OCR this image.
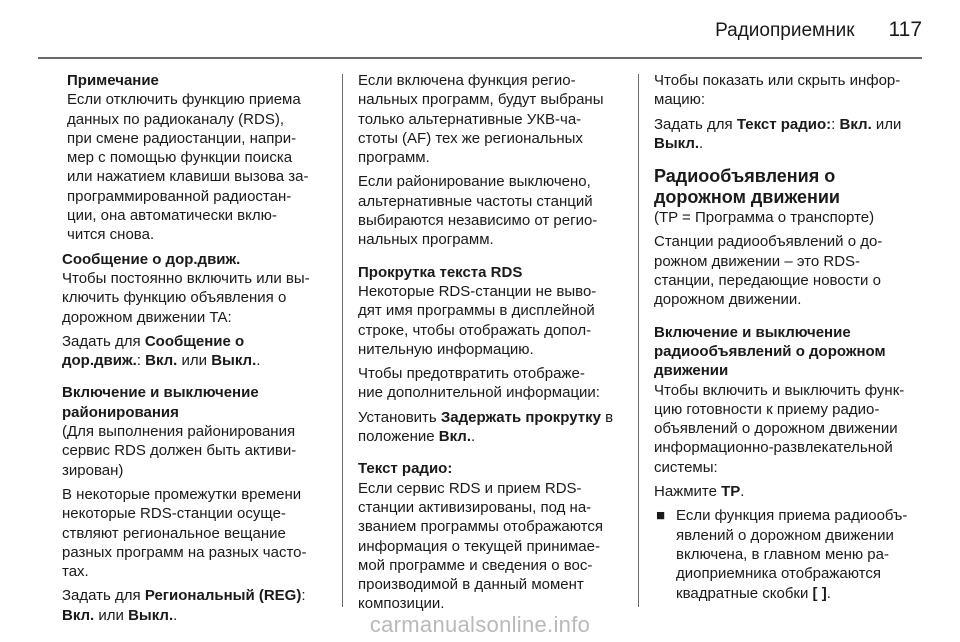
Радиоприемник 117

Примечание

Если отключить функцию приема
данных по радиоканалу (RDS),
при смене радиостанции, напри-
мер с помощью функции поиска
или нажатием клавиши вызова за-
программированной радиостан-
ции, она автоматически вклю-
чится снова.

Сообщение о дор.движ.

Чтобы постоянно включить или вы-
ключить функцию объявления о
дорожном движении TA:

Задать для Сообщение о
дор.движ.: Вкл. или Выкл..

Включение и выключение
районирования

(Для выполнения районирования
сервис RDS должен быть активи-
зирован)

В некоторые промежутки времени
некоторые RDS-станции осуще-
ствляют региональное вещание
разных программ на разных часто-
тах.

Задать для Региональный (REG):
Вкл. или Выкл..

Если включена функция регио-
нальных программ, будут выбраны
только альтернативные УКВ-ча-
стоты (AF) тех же региональных
программ.

Если районирование выключено,
альтернативные частоты станций
выбираются независимо от регио-
нальных программ.

Прокрутка текста RDS

Некоторые RDS-станции не выво-
дят имя программы в дисплейной
строке, чтобы отображать допол-
нительную информацию.

Чтобы предотвратить отображе-
ние дополнительной информации:

Установить Задержать прокрутку в
положение Вкл..

Текст радио:

Если сервис RDS и прием RDS-
станции активизированы, под на-
званием программы отображаются
информация о текущей принимае-
мой программе и сведения о вос-
производимой в данный момент
композиции.

Чтобы показать или скрыть инфор-
мацию:

Задать для Текст радио:: Вкл. или
Выкл..

Радиообъявления о
дорожном движении

(TP = Программа о транспорте)

Станции радиообъявлений о до-
рожном движении – это RDS-
станции, передающие новости о
дорожном движении.

Включение и выключение
радиообъявлений о дорожном
движении

Чтобы включить и выключить функ-
цию готовности к приему радио-
объявлений о дорожном движении
информационно-развлекательной
системы:

Нажмите TP.

■ Если функция приема радиообъ-
явлений о дорожном движении
включена, в главном меню ра-
диоприемника отображаются
квадратные скобки [ ].

carmanualsonline.info
